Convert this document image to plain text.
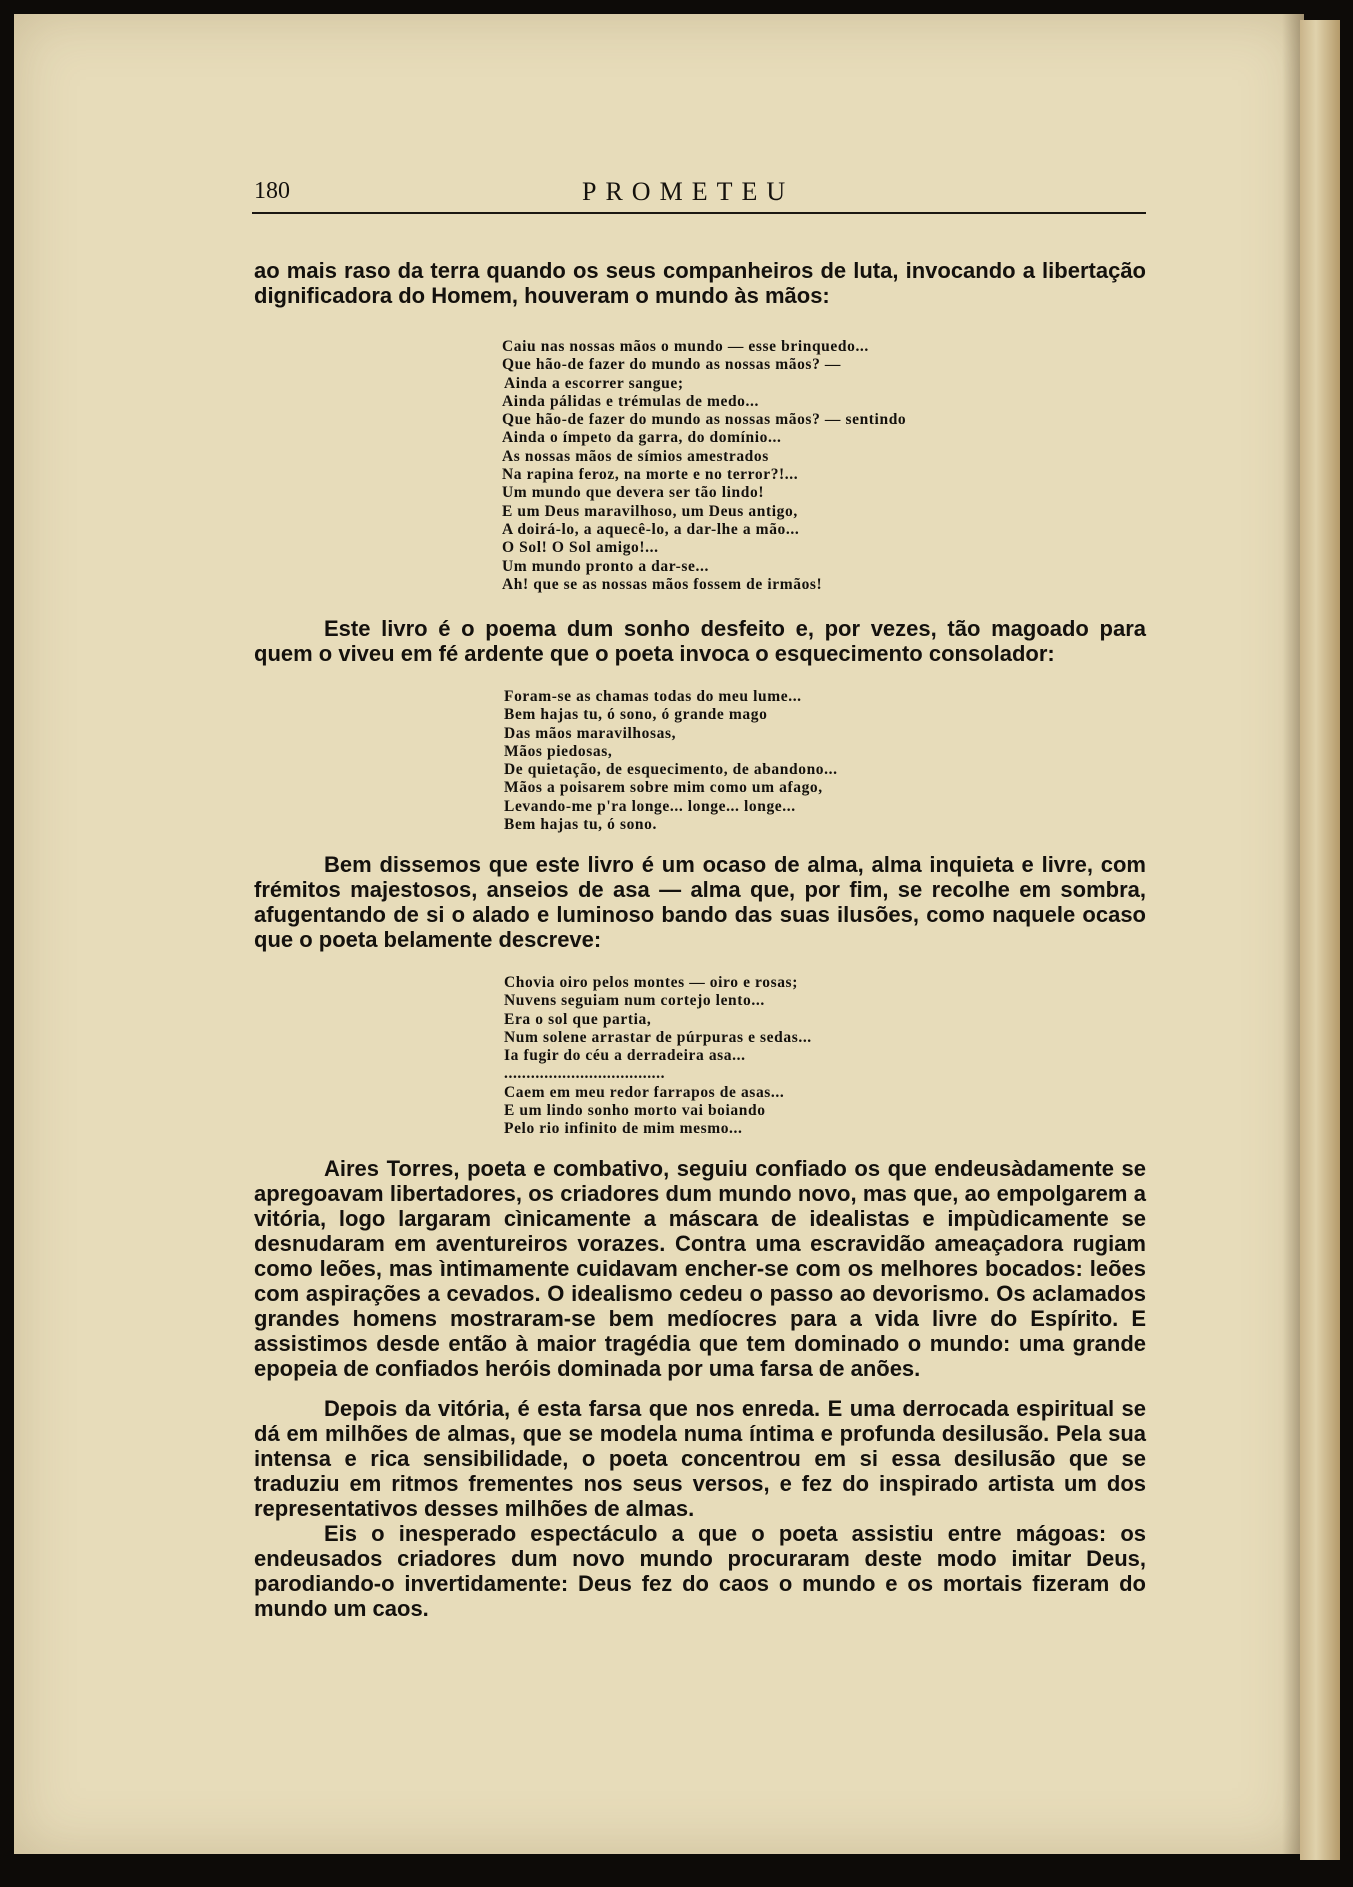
180	PROMETEU

ao mais raso da terra quando os seus companheiros de luta, invocando a libertação dignificadora do Homem, houveram o mundo às mãos:

Caiu nas nossas mãos o mundo — esse brinquedo...
Que hão-de fazer do mundo as nossas mãos? —
Ainda a escorrer sangue;
Ainda pálidas e trémulas de medo...
Que hão-de fazer do mundo as nossas mãos? — sentindo
Ainda o ímpeto da garra, do domínio...
As nossas mãos de símios amestrados
Na rapina feroz, na morte e no terror?!...
Um mundo que devera ser tão lindo!
E um Deus maravilhoso, um Deus antigo,
A doirá-lo, a aquecê-lo, a dar-lhe a mão...
O Sol! O Sol amigo!...
Um mundo pronto a dar-se...
Ah! que se as nossas mãos fossem de irmãos!

Este livro é o poema dum sonho desfeito e, por vezes, tão magoado para quem o viveu em fé ardente que o poeta invoca o esquecimento consolador:

Foram-se as chamas todas do meu lume...
Bem hajas tu, ó sono, ó grande mago
Das mãos maravilhosas,
Mãos piedosas,
De quietação, de esquecimento, de abandono...
Mãos a poisarem sobre mim como um afago,
Levando-me p'ra longe... longe... longe...
Bem hajas tu, ó sono.

Bem dissemos que este livro é um ocaso de alma, alma inquieta e livre, com frémitos majestosos, anseios de asa — alma que, por fim, se recolhe em sombra, afugentando de si o alado e luminoso bando das suas ilusões, como naquele ocaso que o poeta belamente descreve:

Chovia oiro pelos montes — oiro e rosas;
Nuvens seguiam num cortejo lento...
Era o sol que partia,
Num solene arrastar de púrpuras e sedas...
Ia fugir do céu a derradeira asa...
....................................
Caem em meu redor farrapos de asas...
E um lindo sonho morto vai boiando
Pelo rio infinito de mim mesmo...

Aires Torres, poeta e combativo, seguiu confiado os que endeusàdamente se apregoavam libertadores, os criadores dum mundo novo, mas que, ao empolgarem a vitória, logo largaram cìnicamente a máscara de idealistas e impùdicamente se desnudaram em aventureiros vorazes. Contra uma escravidão ameaçadora rugiam como leões, mas ìntimamente cuidavam encher-se com os melhores bocados: leões com aspirações a cevados. O idealismo cedeu o passo ao devorismo. Os aclamados grandes homens mostraram-se bem medíocres para a vida livre do Espírito. E assistimos desde então à maior tragédia que tem dominado o mundo: uma grande epopeia de confiados heróis dominada por uma farsa de anões.

Depois da vitória, é esta farsa que nos enreda. E uma derrocada espiritual se dá em milhões de almas, que se modela numa íntima e profunda desilusão. Pela sua intensa e rica sensibilidade, o poeta concentrou em si essa desilusão que se traduziu em ritmos frementes nos seus versos, e fez do inspirado artista um dos representativos desses milhões de almas.

Eis o inesperado espectáculo a que o poeta assistiu entre mágoas: os endeusados criadores dum novo mundo procuraram deste modo imitar Deus, parodiando-o invertidamente: Deus fez do caos o mundo e os mortais fizeram do mundo um caos.
